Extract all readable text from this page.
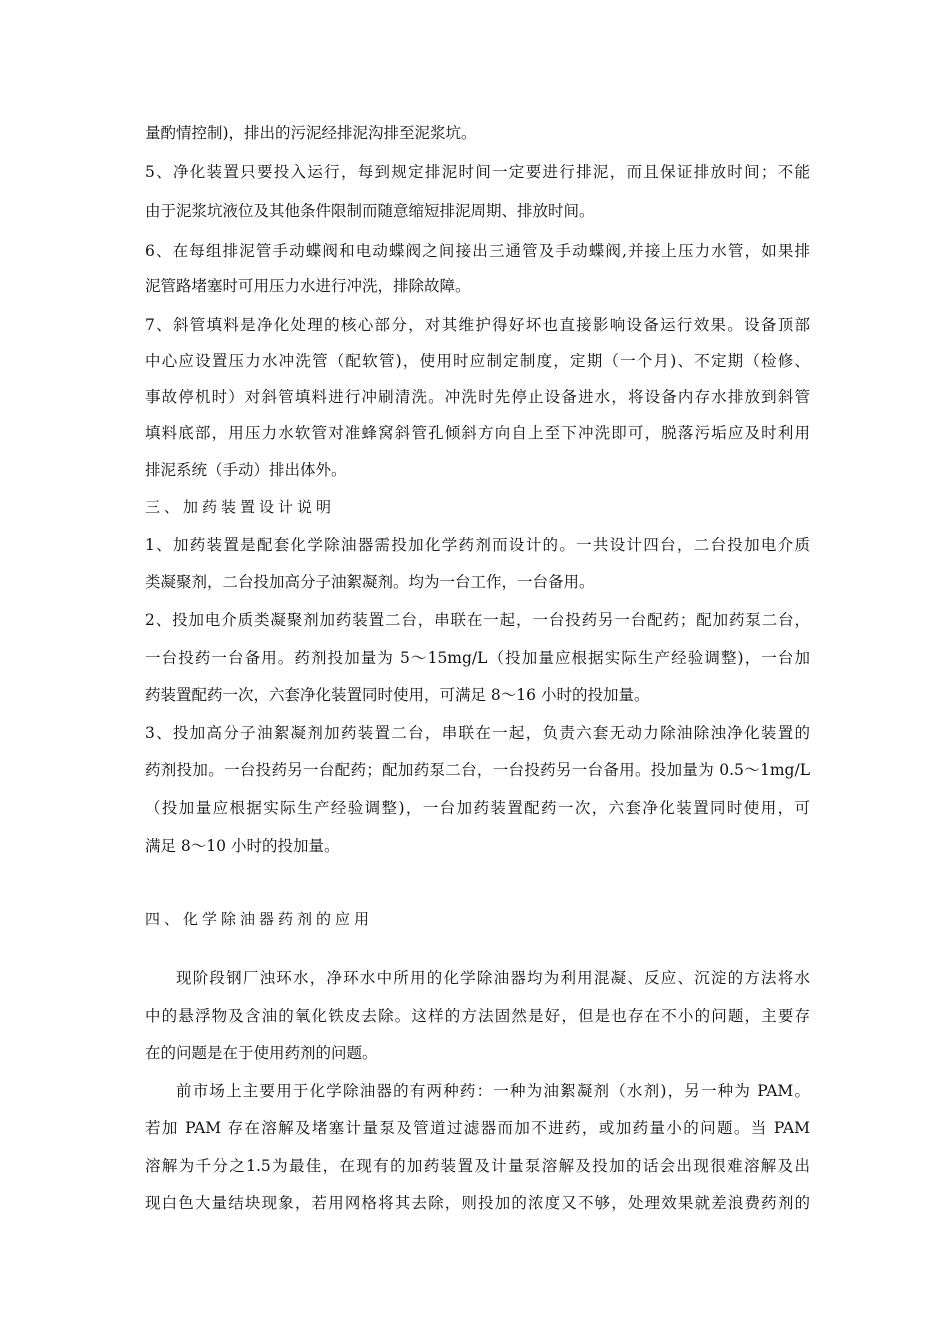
量酌情控制)，排出的污泥经排泥沟排至泥浆坑。
5、净化装置只要投入运行，每到规定排泥时间一定要进行排泥，而且保证排放时间；不能
由于泥浆坑液位及其他条件限制而随意缩短排泥周期、排放时间。
6、在每组排泥管手动蝶阀和电动蝶阀之间接出三通管及手动蝶阀,并接上压力水管，如果排
泥管路堵塞时可用压力水进行冲洗，排除故障。
7、斜管填料是净化处理的核心部分，对其维护得好坏也直接影响设备运行效果。设备顶部
中心应设置压力水冲洗管（配软管)，使用时应制定制度，定期（一个月)、不定期（检修、
事故停机时）对斜管填料进行冲刷清洗。冲洗时先停止设备进水，将设备内存水排放到斜管
填料底部，用压力水软管对准蜂窝斜管孔倾斜方向自上至下冲洗即可，脱落污垢应及时利用
排泥系统（手动）排出体外。
三、加药装置设计说明
1、加药装置是配套化学除油器需投加化学药剂而设计的。一共设计四台，二台投加电介质
类凝聚剂，二台投加高分子油絮凝剂。均为一台工作，一台备用。
2、投加电介质类凝聚剂加药装置二台，串联在一起，一台投药另一台配药；配加药泵二台，
一台投药一台备用。药剂投加量为 5～15mg/L（投加量应根据实际生产经验调整)，一台加
药装置配药一次，六套净化装置同时使用，可满足 8～16 小时的投加量。
3、投加高分子油絮凝剂加药装置二台，串联在一起，负责六套无动力除油除浊净化装置的
药剂投加。一台投药另一台配药；配加药泵二台，一台投药另一台备用。投加量为 0.5～1mg/L
（投加量应根据实际生产经验调整)，一台加药装置配药一次，六套净化装置同时使用，可
满足 8～10 小时的投加量。
四、化学除油器药剂的应用
现阶段钢厂浊环水，净环水中所用的化学除油器均为利用混凝、反应、沉淀的方法将水
中的悬浮物及含油的氧化铁皮去除。这样的方法固然是好，但是也存在不小的问题，主要存
在的问题是在于使用药剂的问题。
前市场上主要用于化学除油器的有两种药：一种为油絮凝剂（水剂)，另一种为 PAM。
若加 PAM 存在溶解及堵塞计量泵及管道过滤器而加不进药，或加药量小的问题。当 PAM
溶解为千分之1.5为最佳，在现有的加药装置及计量泵溶解及投加的话会出现很难溶解及出
现白色大量结块现象，若用网格将其去除，则投加的浓度又不够，处理效果就差浪费药剂的
